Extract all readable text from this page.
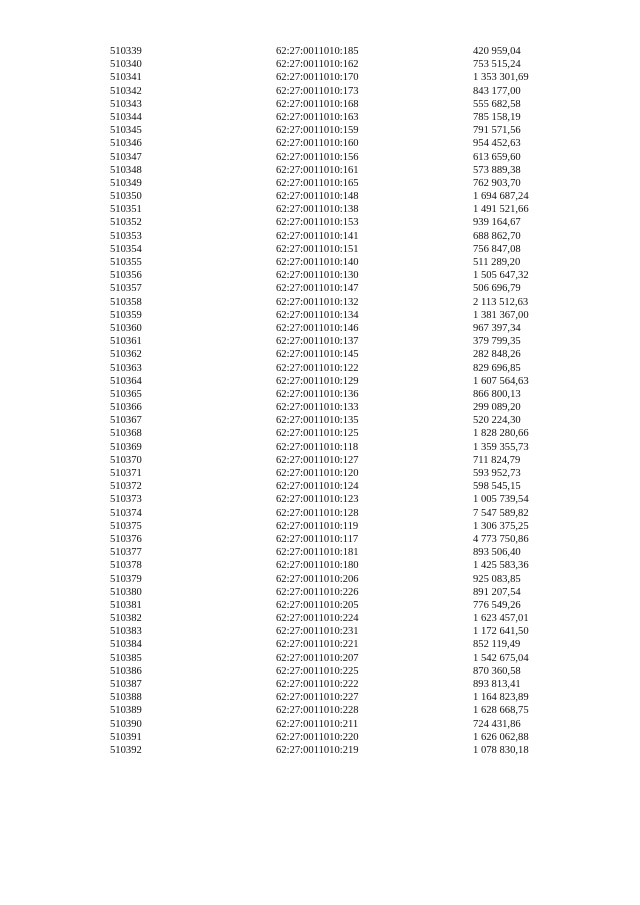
510339	62:27:0011010:185	420 959,04
510340	62:27:0011010:162	753 515,24
510341	62:27:0011010:170	1 353 301,69
510342	62:27:0011010:173	843 177,00
510343	62:27:0011010:168	555 682,58
510344	62:27:0011010:163	785 158,19
510345	62:27:0011010:159	791 571,56
510346	62:27:0011010:160	954 452,63
510347	62:27:0011010:156	613 659,60
510348	62:27:0011010:161	573 889,38
510349	62:27:0011010:165	762 903,70
510350	62:27:0011010:148	1 694 687,24
510351	62:27:0011010:138	1 491 521,66
510352	62:27:0011010:153	939 164,67
510353	62:27:0011010:141	688 862,70
510354	62:27:0011010:151	756 847,08
510355	62:27:0011010:140	511 289,20
510356	62:27:0011010:130	1 505 647,32
510357	62:27:0011010:147	506 696,79
510358	62:27:0011010:132	2 113 512,63
510359	62:27:0011010:134	1 381 367,00
510360	62:27:0011010:146	967 397,34
510361	62:27:0011010:137	379 799,35
510362	62:27:0011010:145	282 848,26
510363	62:27:0011010:122	829 696,85
510364	62:27:0011010:129	1 607 564,63
510365	62:27:0011010:136	866 800,13
510366	62:27:0011010:133	299 089,20
510367	62:27:0011010:135	520 224,30
510368	62:27:0011010:125	1 828 280,66
510369	62:27:0011010:118	1 359 355,73
510370	62:27:0011010:127	711 824,79
510371	62:27:0011010:120	593 952,73
510372	62:27:0011010:124	598 545,15
510373	62:27:0011010:123	1 005 739,54
510374	62:27:0011010:128	7 547 589,82
510375	62:27:0011010:119	1 306 375,25
510376	62:27:0011010:117	4 773 750,86
510377	62:27:0011010:181	893 506,40
510378	62:27:0011010:180	1 425 583,36
510379	62:27:0011010:206	925 083,85
510380	62:27:0011010:226	891 207,54
510381	62:27:0011010:205	776 549,26
510382	62:27:0011010:224	1 623 457,01
510383	62:27:0011010:231	1 172 641,50
510384	62:27:0011010:221	852 119,49
510385	62:27:0011010:207	1 542 675,04
510386	62:27:0011010:225	870 360,58
510387	62:27:0011010:222	893 813,41
510388	62:27:0011010:227	1 164 823,89
510389	62:27:0011010:228	1 628 668,75
510390	62:27:0011010:211	724 431,86
510391	62:27:0011010:220	1 626 062,88
510392	62:27:0011010:219	1 078 830,18
